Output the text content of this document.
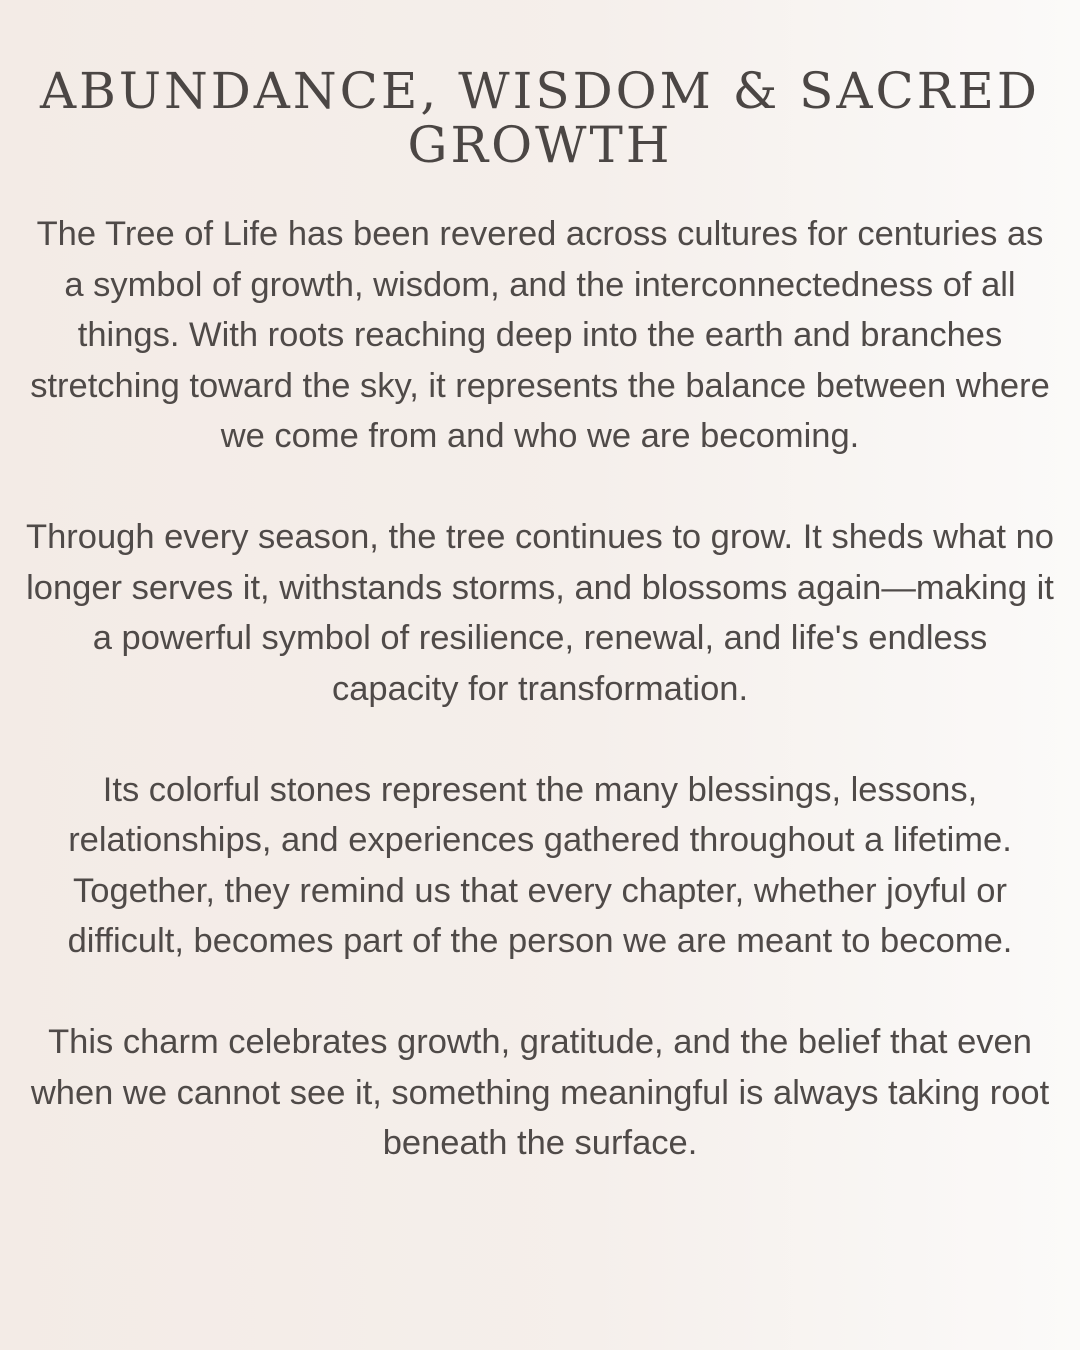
ABUNDANCE, WISDOM & SACRED GROWTH

The Tree of Life has been revered across cultures for centuries as a symbol of growth, wisdom, and the interconnectedness of all things. With roots reaching deep into the earth and branches stretching toward the sky, it represents the balance between where we come from and who we are becoming.

Through every season, the tree continues to grow. It sheds what no longer serves it, withstands storms, and blossoms again—making it a powerful symbol of resilience, renewal, and life's endless capacity for transformation.

Its colorful stones represent the many blessings, lessons, relationships, and experiences gathered throughout a lifetime. Together, they remind us that every chapter, whether joyful or difficult, becomes part of the person we are meant to become.

This charm celebrates growth, gratitude, and the belief that even when we cannot see it, something meaningful is always taking root beneath the surface.
